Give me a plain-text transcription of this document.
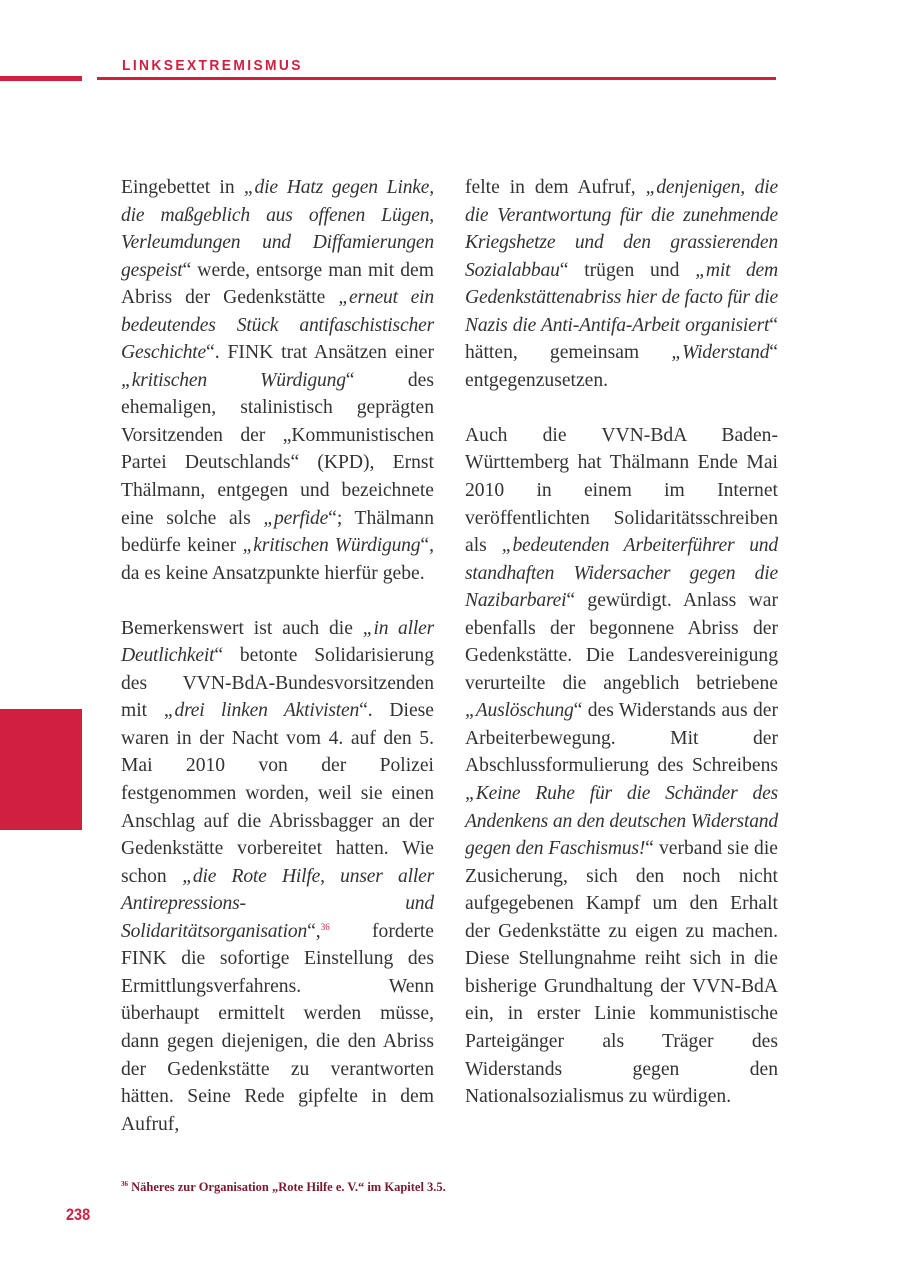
LINKSEXTREMISMUS

Eingebettet in „die Hatz gegen Linke, die maßgeblich aus offenen Lügen, Verleumdungen und Diffamierungen gespeist“ werde, entsorge man mit dem Abriss der Gedenkstätte „erneut ein bedeutendes Stück antifaschistischer Geschichte“. FINK trat Ansätzen einer „kritischen Würdigung“ des ehemaligen, stalinistisch geprägten Vorsitzenden der „Kommunistischen Partei Deutschlands“ (KPD), Ernst Thälmann, entgegen und bezeichnete eine solche als „perfide“; Thälmann bedürfe keiner „kritischen Würdigung“, da es keine Ansatzpunkte hierfür gebe.

Bemerkenswert ist auch die „in aller Deutlichkeit“ betonte Solidarisierung des VVN-BdA-Bundesvorsitzenden mit „drei linken Aktivisten“. Diese waren in der Nacht vom 4. auf den 5. Mai 2010 von der Polizei festgenommen worden, weil sie einen Anschlag auf die Abrissbagger an der Gedenkstätte vorbereitet hatten. Wie schon „die Rote Hilfe, unser aller Antirepressions- und Solidaritätsorganisation“,$^{36}$ forderte FINK die sofortige Einstellung des Ermittlungsverfahrens. Wenn überhaupt ermittelt werden müsse, dann gegen diejenigen, die den Abriss der Gedenkstätte zu verantworten hätten. Seine Rede gipfelte in dem Aufruf,

felte in dem Aufruf, „denjenigen, die die Verantwortung für die zunehmende Kriegshetze und den grassierenden Sozialabbau“ trügen und „mit dem Gedenkstättenabriss hier de facto für die Nazis die Anti-Antifa-Arbeit organisiert“ hätten, gemeinsam „Widerstand“ entgegenzusetzen.

Auch die VVN-BdA Baden-Württemberg hat Thälmann Ende Mai 2010 in einem im Internet veröffentlichten Solidaritätsschreiben als „bedeutenden Arbeiterführer und standhaften Widersacher gegen die Nazibarbarei“ gewürdigt. Anlass war ebenfalls der begonnene Abriss der Gedenkstätte. Die Landesvereinigung verurteilte die angeblich betriebene „Auslöschung“ des Widerstands aus der Arbeiterbewegung. Mit der Abschlussformulierung des Schreibens „Keine Ruhe für die Schänder des Andenkens an den deutschen Widerstand gegen den Faschismus!“ verband sie die Zusicherung, sich den noch nicht aufgegebenen Kampf um den Erhalt der Gedenkstätte zu eigen zu machen. Diese Stellungnahme reiht sich in die bisherige Grundhaltung der VVN-BdA ein, in erster Linie kommunistische Parteigänger als Träger des Widerstands gegen den Nationalsozialismus zu würdigen.

$^{36}$ Näheres zur Organisation „Rote Hilfe e. V.“ im Kapitel 3.5.
238
